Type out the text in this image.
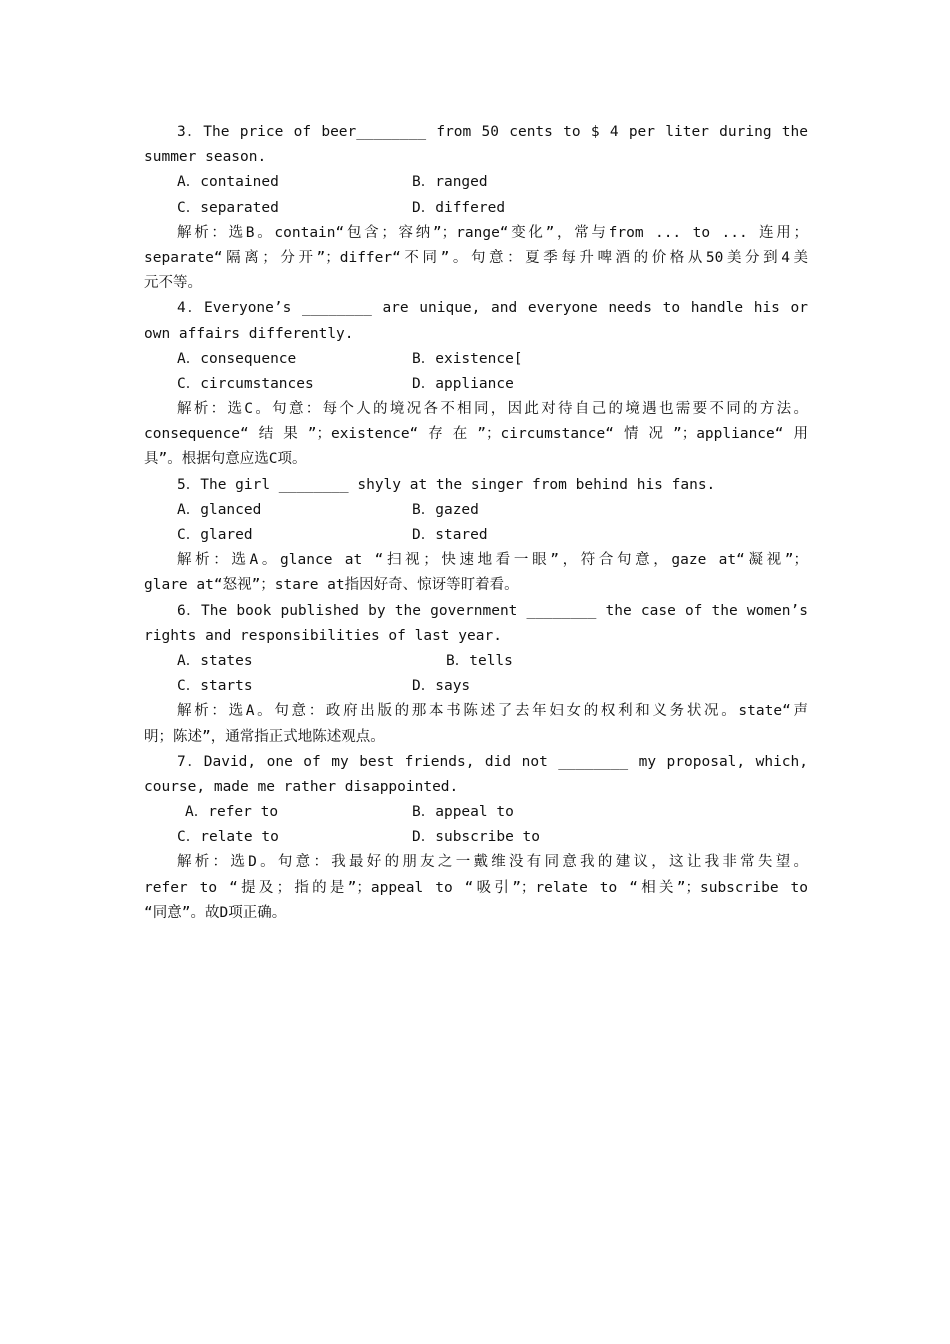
3．The price of beer________ from 50 cents to $ 4 per liter during the
summer season.
A．contained	B．ranged
C．separated	D．differed
解析：选B。contain“包含；容纳”；range“变化”，常与from ... to ... 连用；
separate“隔离；分开”；differ“不同”。句意：夏季每升啤酒的价格从50美分到4美
元不等。
4．Everyone’s ________ are unique, and everyone needs to handle his or
own affairs differently.
A．consequence	B．existence[
C．circumstances	D．appliance
解析：选C。句意：每个人的境况各不相同，因此对待自己的境遇也需要不同的方法。
consequence“结果”；existence“存在”；circumstance“情况”；appliance“用
具”。根据句意应选C项。
5．The girl ________ shyly at the singer from behind his fans.
A．glanced	B．gazed
C．glared	D．stared
解析：选A。glance at “扫视；快速地看一眼”，符合句意，gaze at“凝视”；
glare at“怒视”；stare at指因好奇、惊讶等盯着看。
6．The book published by the government ________ the case of the women’s
rights and responsibilities of last year.
A．states	B．tells
C．starts	D．says
解析：选A。句意：政府出版的那本书陈述了去年妇女的权利和义务状况。state“声
明；陈述”，通常指正式地陈述观点。
7．David, one of my best friends, did not ________ my proposal, which,
course, made me rather disappointed.
A．refer to	B．appeal to
C．relate to	D．subscribe to
解析：选D。句意：我最好的朋友之一戴维没有同意我的建议，这让我非常失望。
refer to “提及；指的是”；appeal to “吸引”；relate to “相关”；subscribe to
“同意”。故D项正确。
